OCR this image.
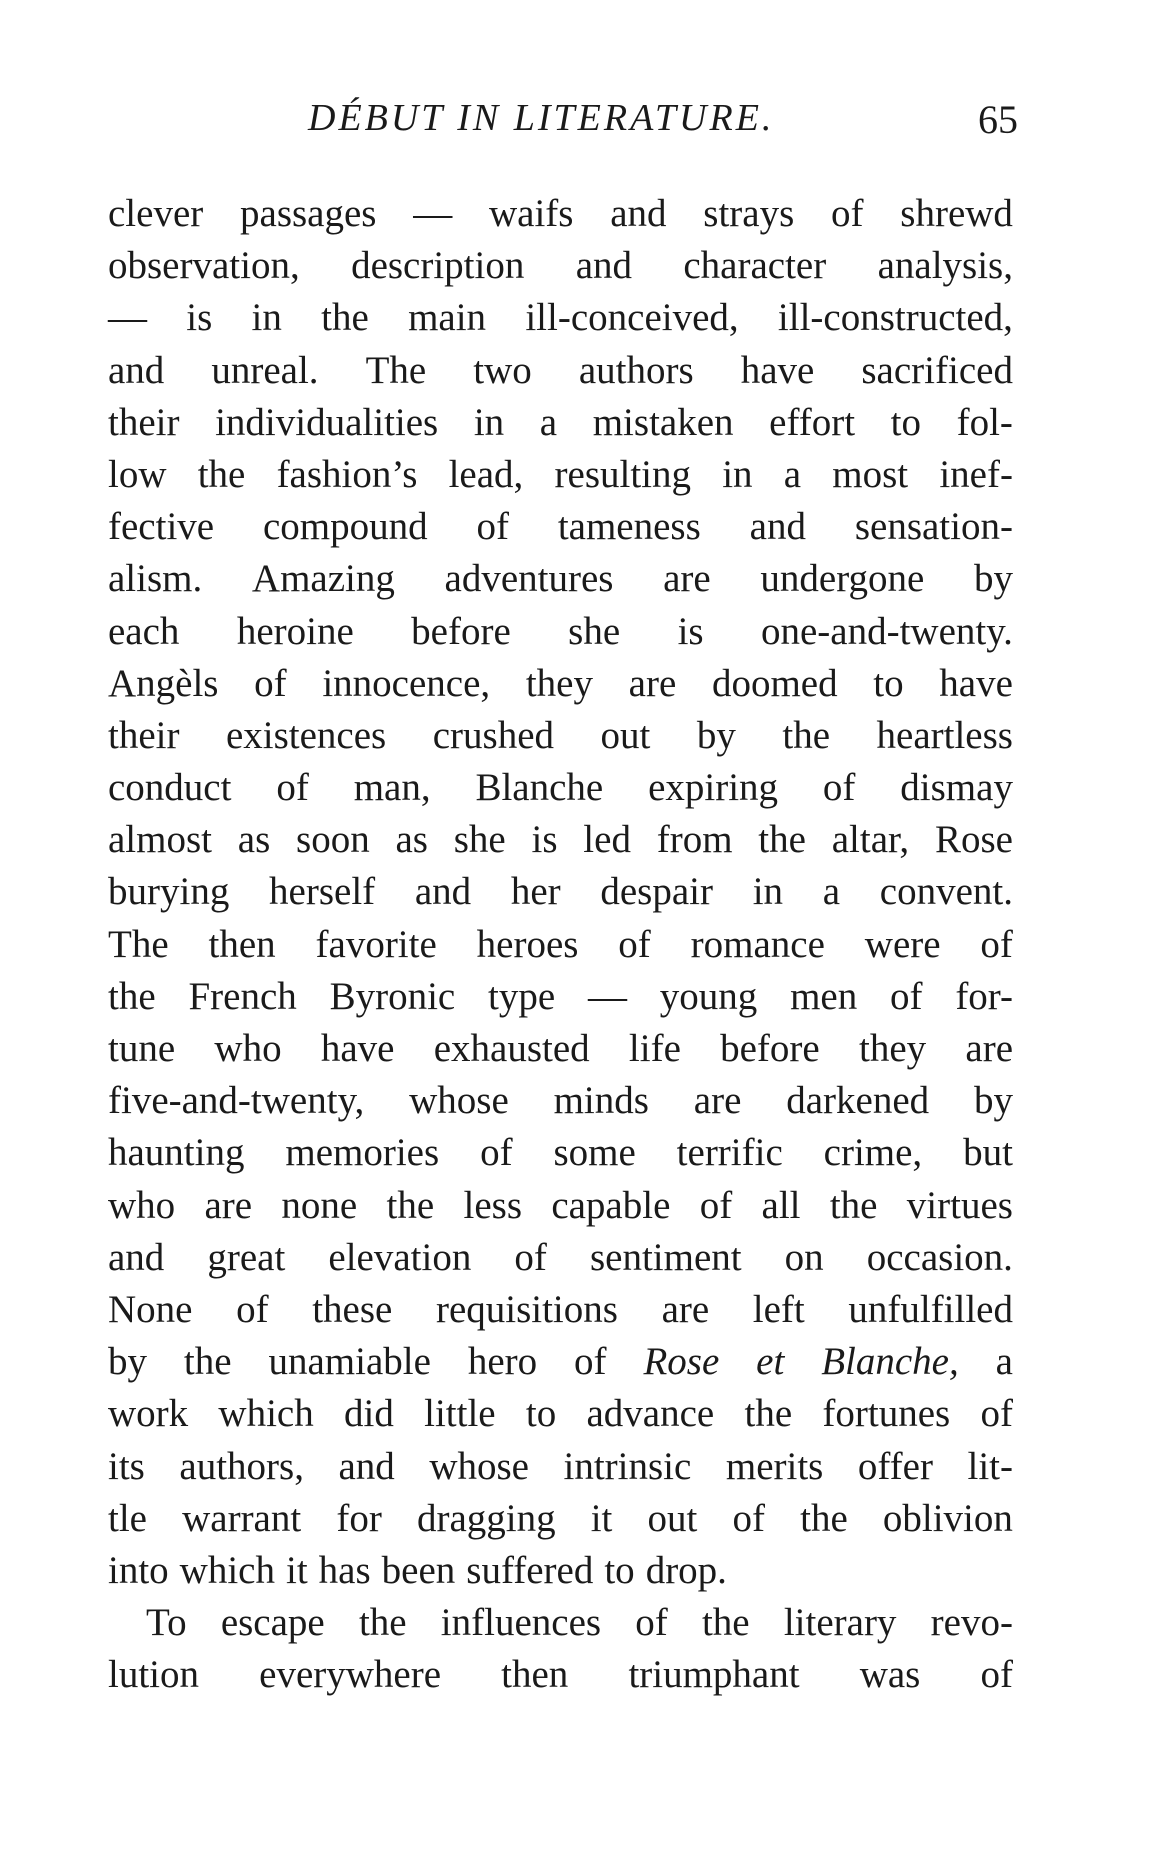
DÉBUT IN LITERATURE.	65
clever passages — waifs and strays of shrewd
observation, description and character analysis,
— is in the main ill-conceived, ill-constructed,
and unreal. The two authors have sacrificed
their individualities in a mistaken effort to fol-
low the fashion’s lead, resulting in a most inef-
fective compound of tameness and sensation-
alism. Amazing adventures are undergone by
each heroine before she is one-and-twenty.
Angèls of innocence, they are doomed to have
their existences crushed out by the heartless
conduct of man, Blanche expiring of dismay
almost as soon as she is led from the altar, Rose
burying herself and her despair in a convent.
The then favorite heroes of romance were of
the French Byronic type — young men of for-
tune who have exhausted life before they are
five-and-twenty, whose minds are darkened by
haunting memories of some terrific crime, but
who are none the less capable of all the virtues
and great elevation of sentiment on occasion.
None of these requisitions are left unfulfilled
by the unamiable hero of Rose et Blanche, a
work which did little to advance the fortunes of
its authors, and whose intrinsic merits offer lit-
tle warrant for dragging it out of the oblivion
into which it has been suffered to drop.
To escape the influences of the literary revo-
lution everywhere then triumphant was of
